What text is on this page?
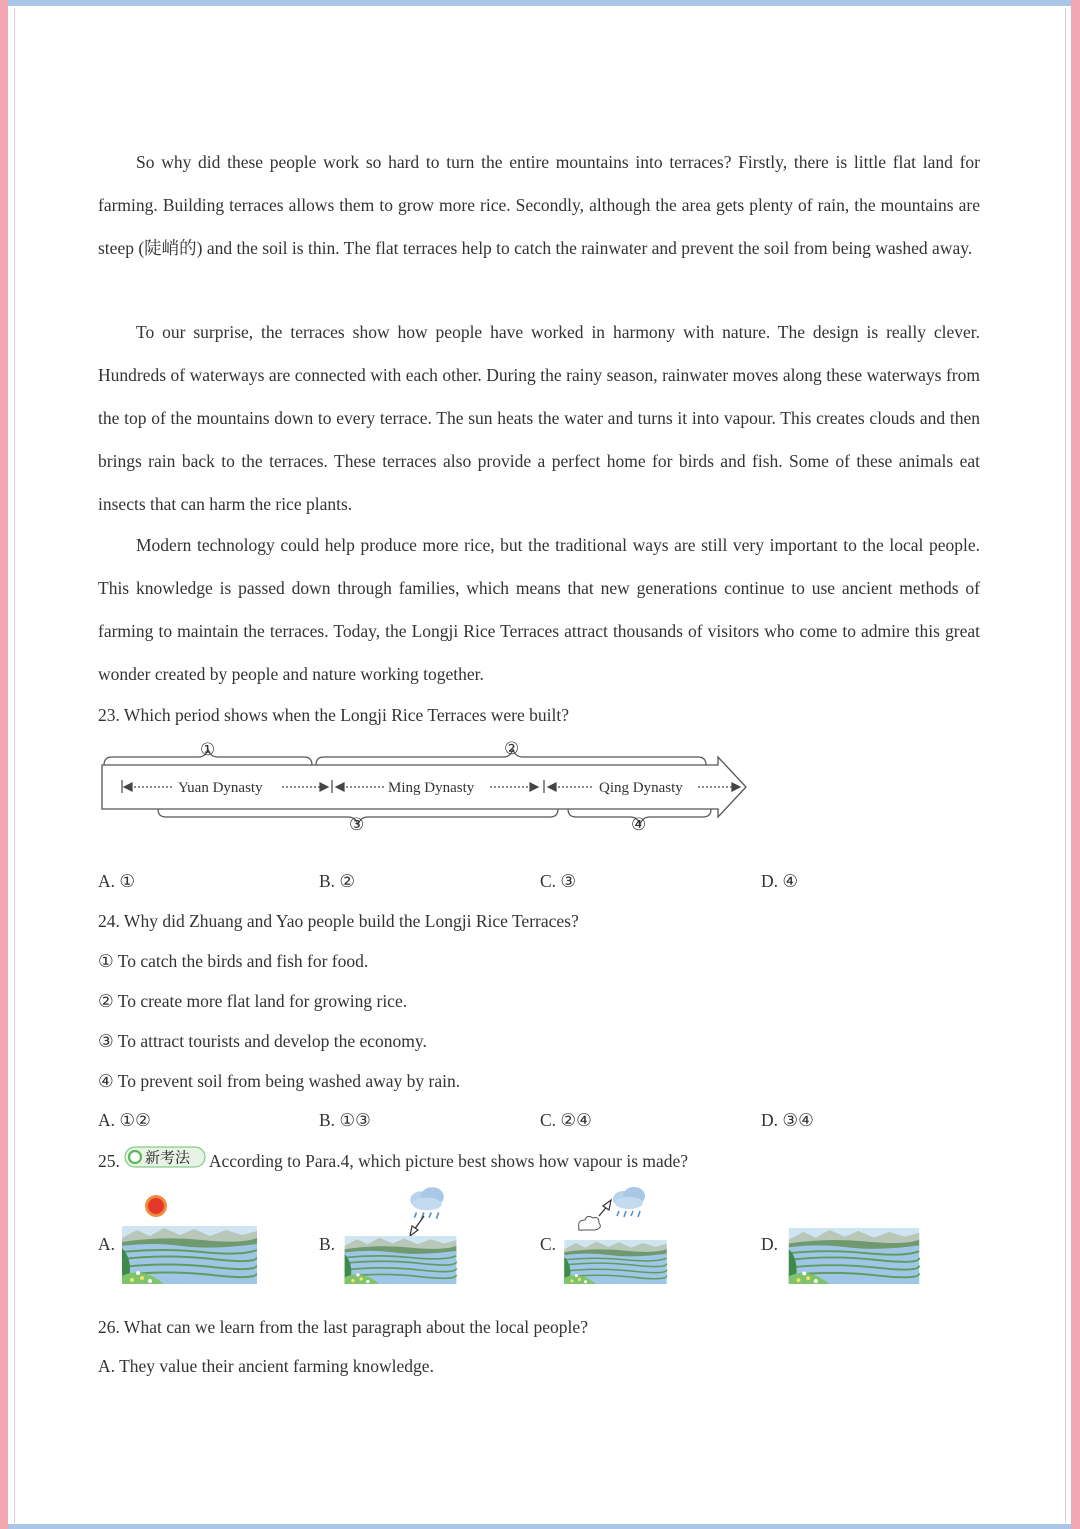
So why did these people work so hard to turn the entire mountains into terraces? Firstly, there is little flat land for farming. Building terraces allows them to grow more rice. Secondly, although the area gets plenty of rain, the mountains are steep (陡峭的) and the soil is thin. The flat terraces help to catch the rainwater and prevent the soil from being washed away.

To our surprise, the terraces show how people have worked in harmony with nature. The design is really clever. Hundreds of waterways are connected with each other. During the rainy season, rainwater moves along these waterways from the top of the mountains down to every terrace. The sun heats the water and turns it into vapour. This creates clouds and then brings rain back to the terraces. These terraces also provide a perfect home for birds and fish. Some of these animals eat insects that can harm the rice plants.

Modern technology could help produce more rice, but the traditional ways are still very important to the local people. This knowledge is passed down through families, which means that new generations continue to use ancient methods of farming to maintain the terraces. Today, the Longji Rice Terraces attract thousands of visitors who come to admire this great wonder created by people and nature working together.

23. Which period shows when the Longji Rice Terraces were built?

Yuan Dynasty	Ming Dynasty	Qing Dynasty
①	②
③	④
A. ①	B. ②	C. ③	D. ④

24. Why did Zhuang and Yao people build the Longji Rice Terraces?

① To catch the birds and fish for food.

② To create more flat land for growing rice.

③ To attract tourists and develop the economy.

④ To prevent soil from being washed away by rain.

A. ①②	B. ①③	C. ②④	D. ③④

25. 新考法 According to Para.4, which picture best shows how vapour is made?

A.	B.	C.	D.

26. What can we learn from the last paragraph about the local people?

A. They value their ancient farming knowledge.
